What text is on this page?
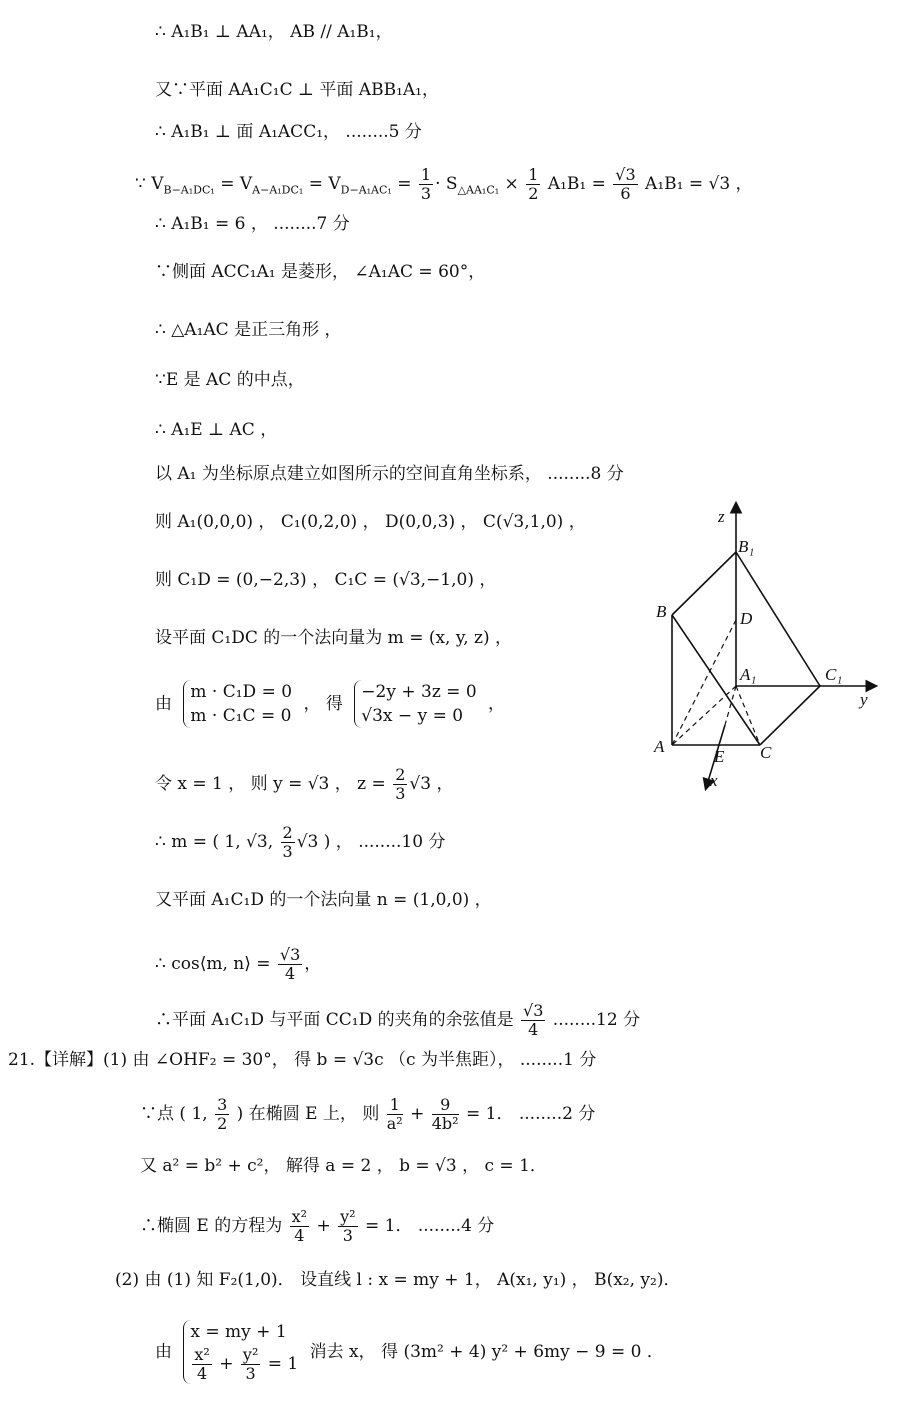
∴ A₁B₁ ⊥ AA₁， AB // A₁B₁，
又∵平面 AA₁C₁C ⊥ 平面 ABB₁A₁，
∴ A₁B₁ ⊥ 面 A₁ACC₁， ........5 分
∵ $V_{B-A_1DC_1} = V_{A-A_1DC_1} = V_{D-A_1AC_1} = \frac{1}{3} \cdot S_{\triangle AA_1C_1} \times \frac{1}{2} A_1B_1 = \frac{√3}{6} A_1B_1 = √3$ ，
∴ A₁B₁ = 6 ， ........7 分
∵侧面 ACC₁A₁ 是菱形， ∠A₁AC = 60°，
∴ △A₁AC 是正三角形 ，
∵E 是 AC 的中点，
∴ A₁E ⊥ AC ，
以 A₁ 为坐标原点建立如图所示的空间直角坐标系， ........8 分
则 A₁(0,0,0) ， C₁(0,2,0) ， D(0,0,3) ， C(√3,1,0) ，
则 C₁D = (0,−2,3) ， C₁C = (√3,−1,0) ，
设平面 C₁DC 的一个法向量为 m = (x, y, z) ，
由
m · C₁D = 0
m · C₁C = 0
， 得
−2y + 3z = 0
√3x − y = 0
，
令 x = 1 ， 则 y = √3 ， $z = \frac{2}{3} √3$ ，
∴ m = ( 1, √3, $\frac{2}{3} √3$ ) ， ........10 分
又平面 A₁C₁D 的一个法向量 n = (1,0,0) ，
∴ cos⟨m, n⟩ = $\frac{√3}{4}$ ，
∴平面 A₁C₁D 与平面 CC₁D 的夹角的余弦值是 $\frac{√3}{4} ........12$ 分
21.【详解】(1) 由 ∠OHF₂ = 30°， 得 b = √3c （c 为半焦距）， ........1 分
∵点 ( 1, $\frac{3}{2}$ ) 在椭圆 E 上， 则 $\frac{1}{\text{a²}} + \frac{9}{\text{4b²}} = 1$． ........2 分
又 a² = b² + c²， 解得 a = 2 ， b = √3 ， c = 1．
∴椭圆 E 的方程为 $\frac{\text{x²}}{4} + \frac{\text{y²}}{3} = 1$． ........4 分
(2) 由 (1) 知 F₂(1,0)． 设直线 l : x = my + 1， A(x₁, y₁) ， B(x₂, y₂)．
由
x = my + 1
$\frac{\text{x²}}{4} + \frac{\text{y²}}{3} = 1$
消去 x， 得 (3m² + 4) y² + 6my − 9 = 0 ．
z
y
x
B₁
B	D
A₁	C₁
A
E C
